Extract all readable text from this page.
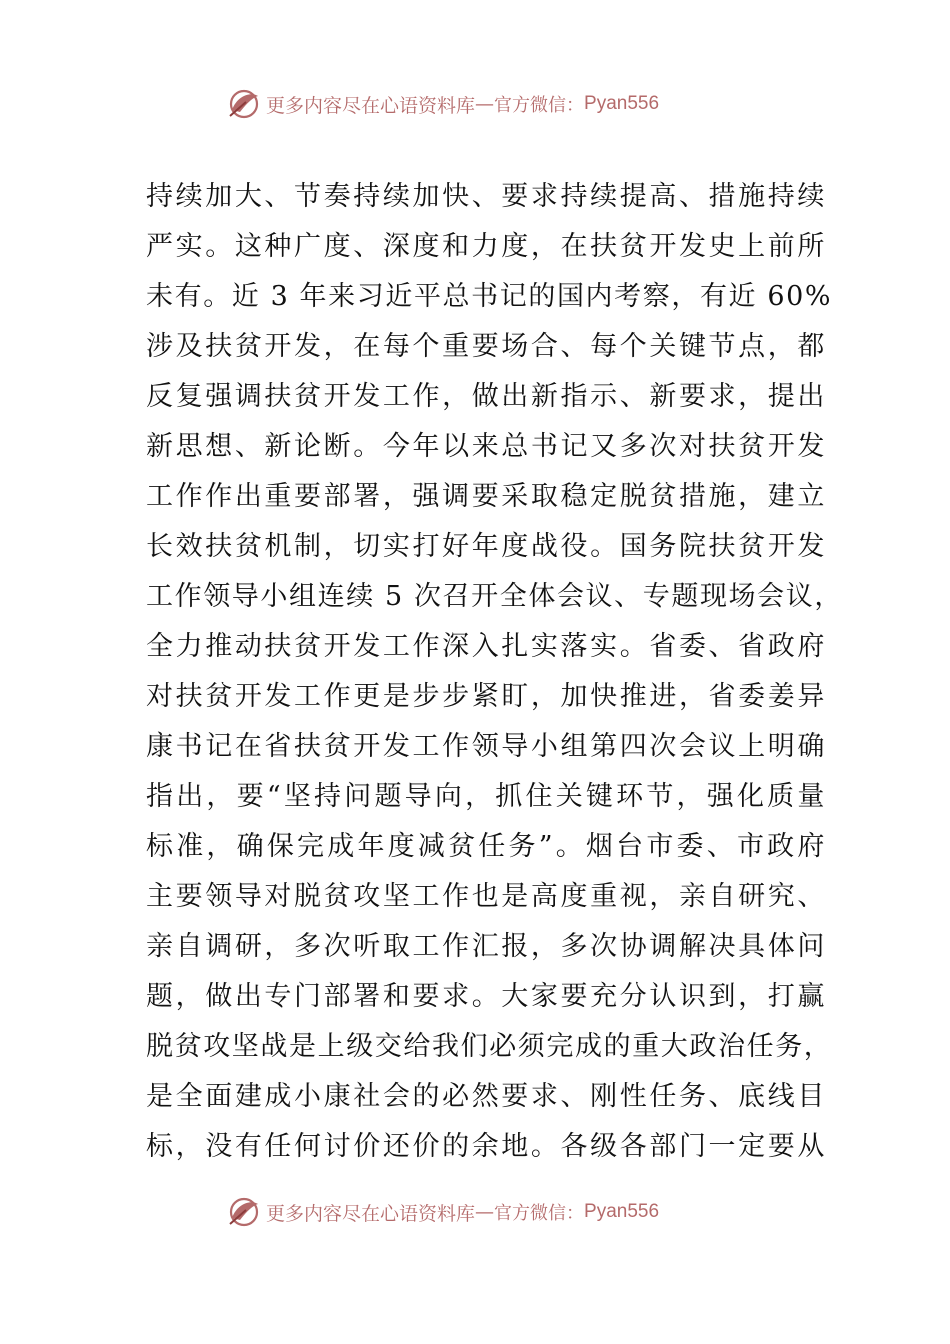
更多内容尽在心语资料库 — 官方微信： Pyan556
持续加大、节奏持续加快、要求持续提高、措施持续
严实。这种广度、深度和力度，在扶贫开发史上前所
未有。近 3 年来习近平总书记的国内考察，有近 60%
涉及扶贫开发，在每个重要场合、每个关键节点，都
反复强调扶贫开发工作，做出新指示、新要求，提出
新思想、新论断。今年以来总书记又多次对扶贫开发
工作作出重要部署，强调要采取稳定脱贫措施，建立
长效扶贫机制，切实打好年度战役。国务院扶贫开发
工作领导小组连续 5 次召开全体会议、专题现场会议，
全力推动扶贫开发工作深入扎实落实。省委、省政府
对扶贫开发工作更是步步紧盯，加快推进，省委姜异
康书记在省扶贫开发工作领导小组第四次会议上明确
指出，要“坚持问题导向，抓住关键环节，强化质量
标准，确保完成年度减贫任务”。烟台市委、市政府
主要领导对脱贫攻坚工作也是高度重视，亲自研究、
亲自调研，多次听取工作汇报，多次协调解决具体问
题，做出专门部署和要求。大家要充分认识到，打赢
脱贫攻坚战是上级交给我们必须完成的重大政治任务，
是全面建成小康社会的必然要求、刚性任务、底线目
标，没有任何讨价还价的余地。各级各部门一定要从
更多内容尽在心语资料库 — 官方微信： Pyan556
